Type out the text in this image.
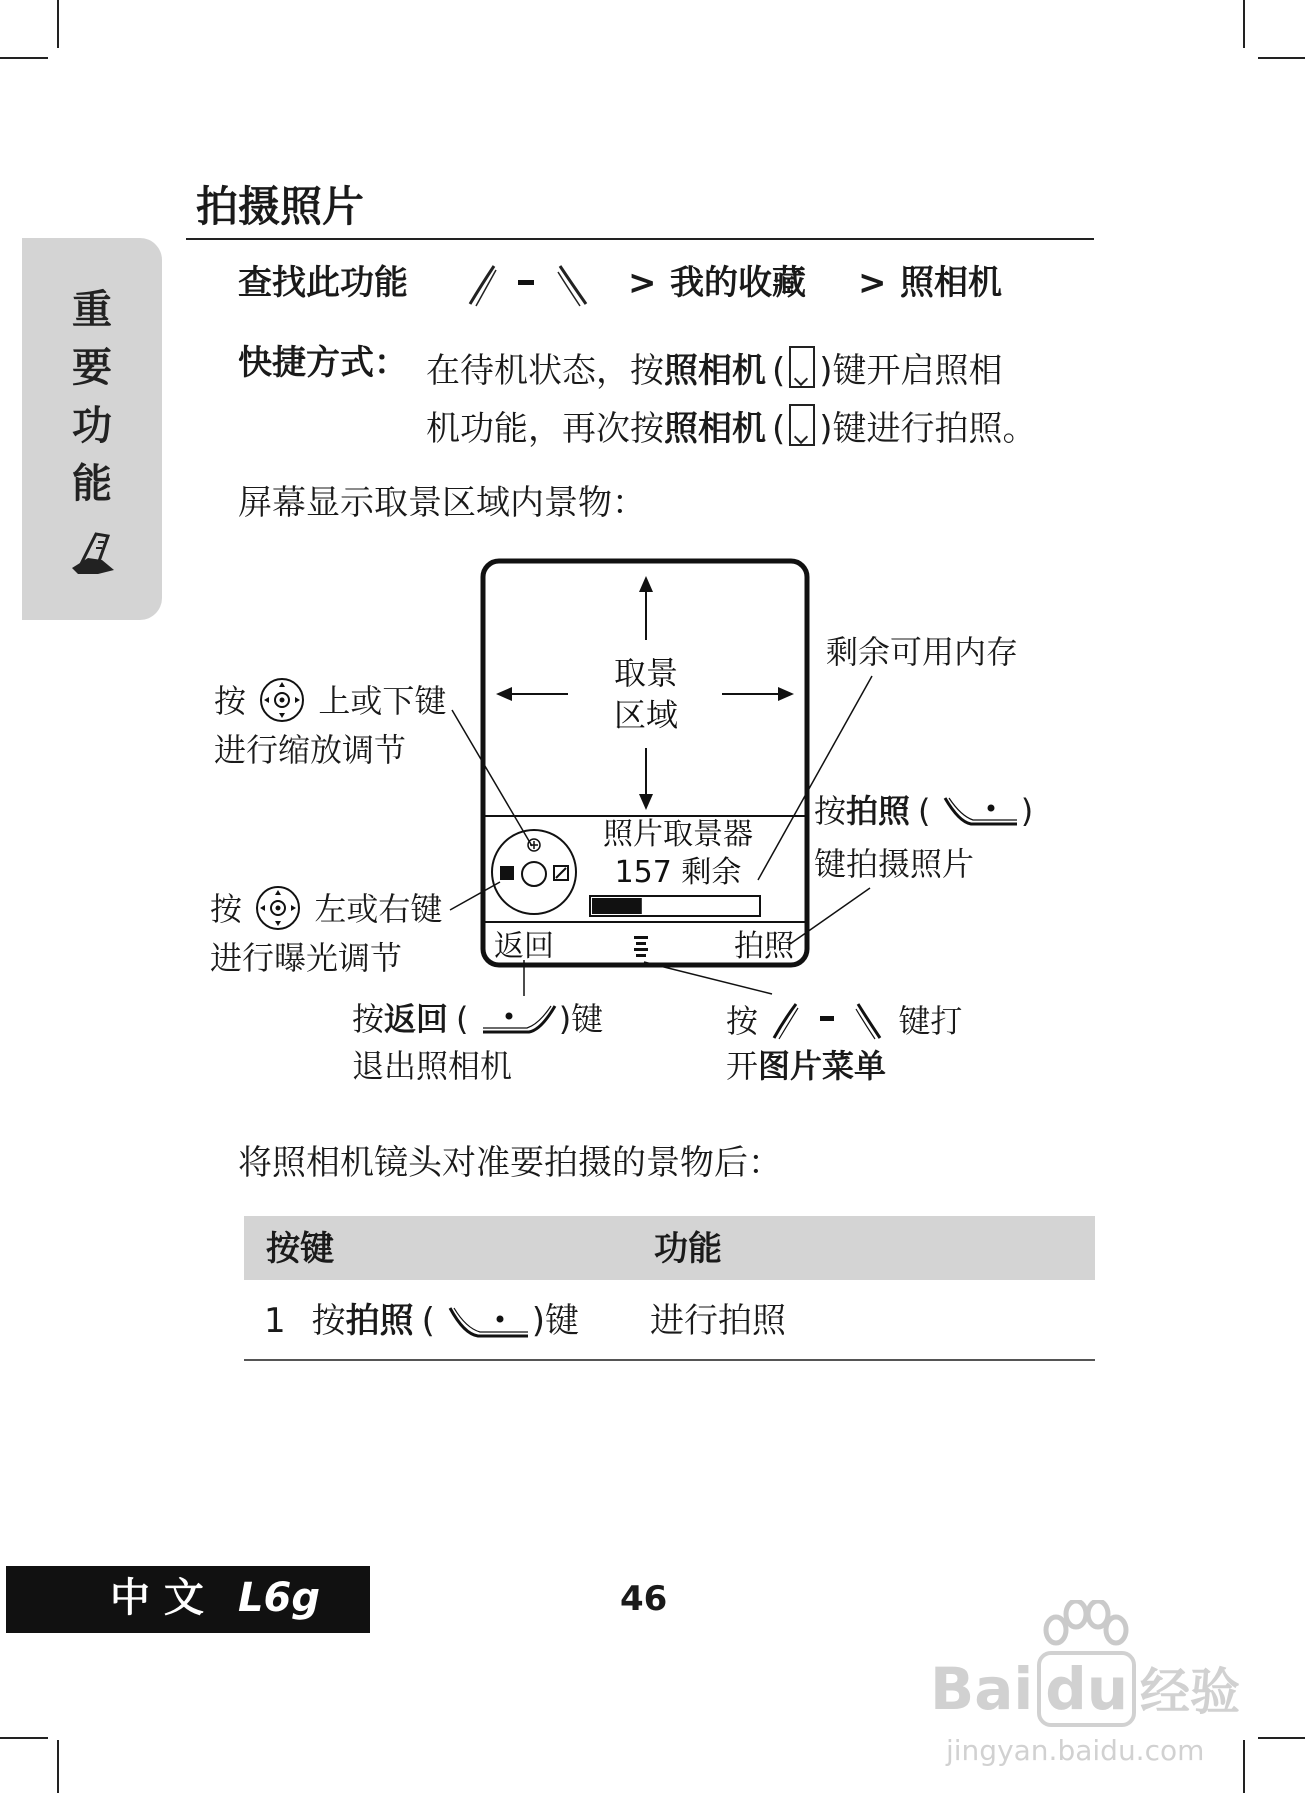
重
要
功
能
拍摄照片
查找此功能	> 我的收藏 > 照相机
快捷方式： 在待机状态，按照相机 ( )键开启照相
机功能，再次按照相机 ( )键进行拍照。
屏幕显示取景区域内景物：
取景
区域
照片取景器
157 剩余
返回	拍照
剩余可用内存
按 上或下键
进行缩放调节
按 左或右键
进行曝光调节
按拍照 (	)
键拍摄照片
按返回 (	)键
退出照相机
按	键打
开图片菜单
将照相机镜头对准要拍摄的景物后：
按键	功能
1 按拍照 (	)键 进行拍照
中 文 L6g	46
Bai du 经验
jingyan.baidu.com
